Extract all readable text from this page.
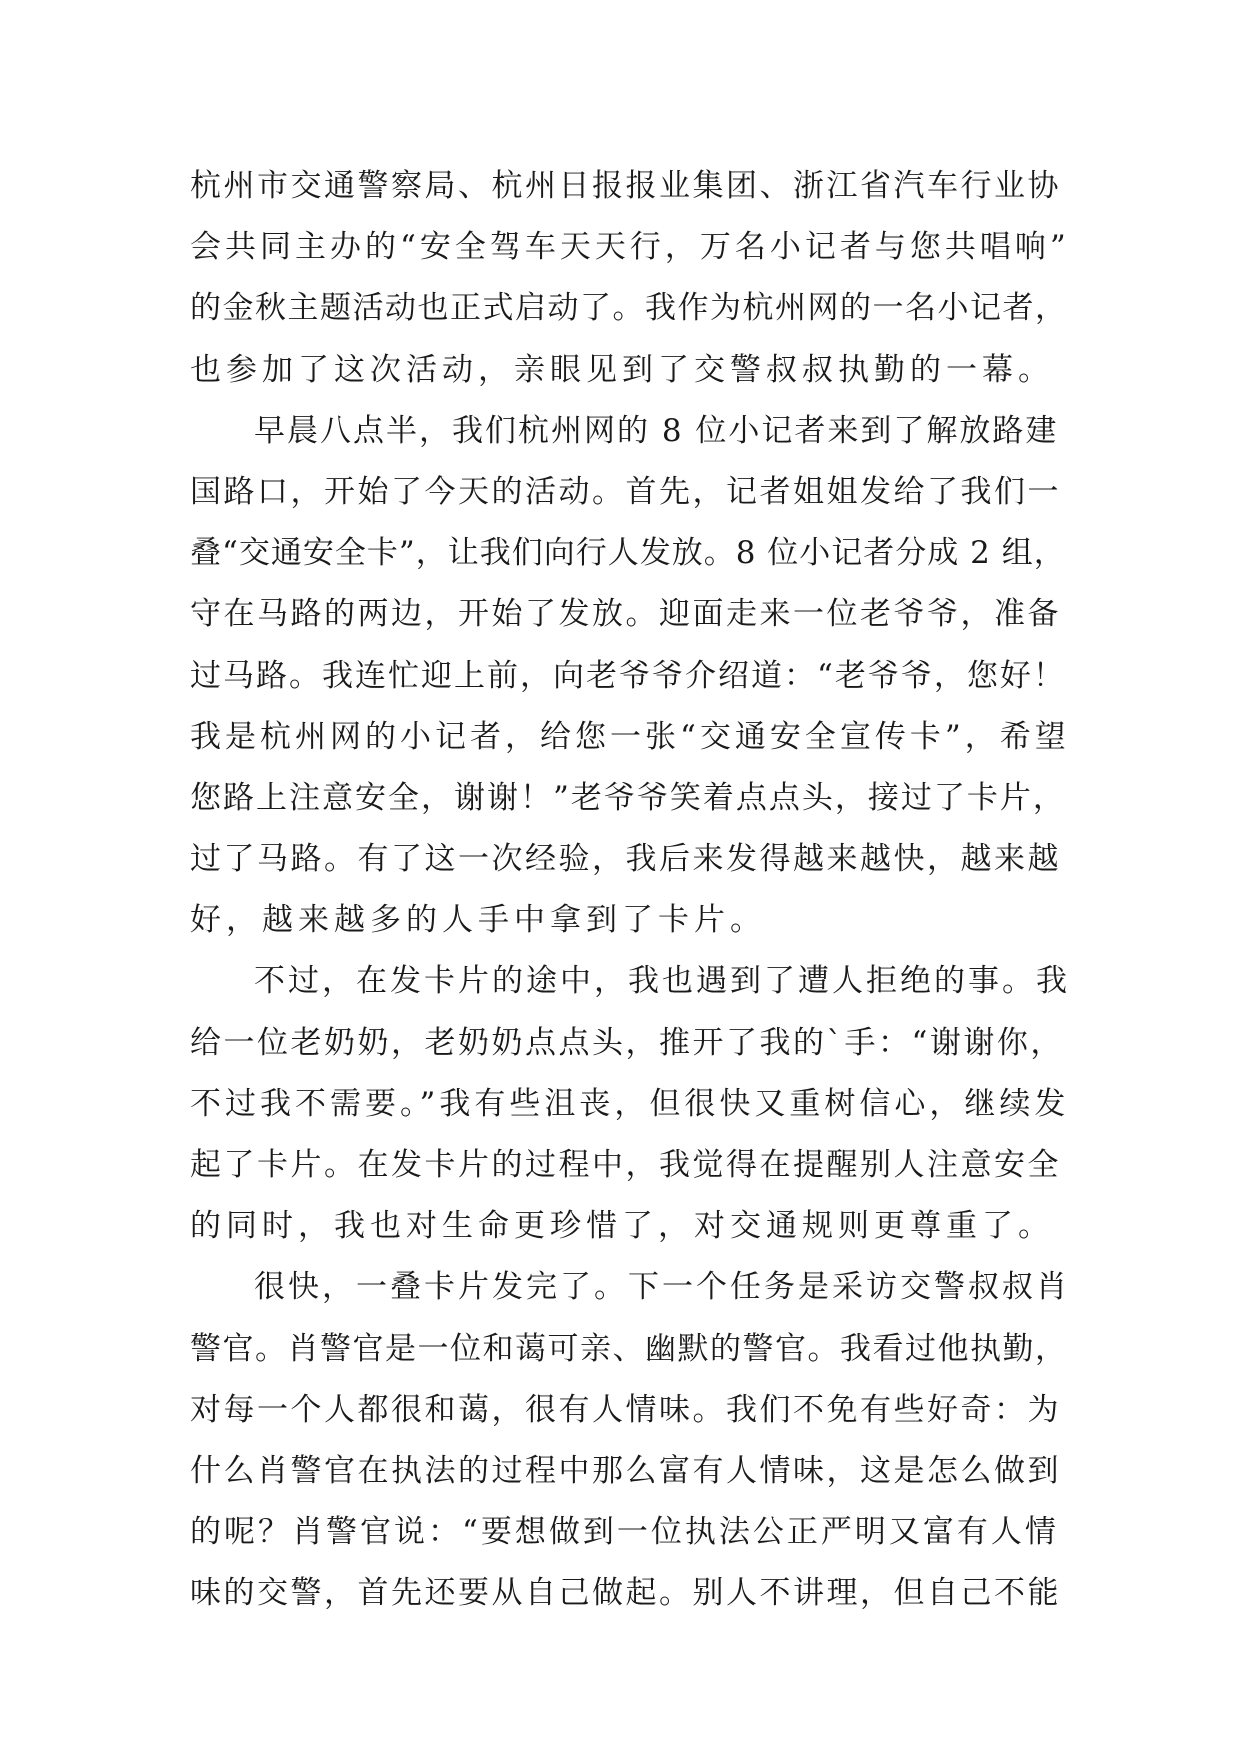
杭州市交通警察局、杭州日报报业集团、浙江省汽车行业协
会共同主办的“安全驾车天天行，万名小记者与您共唱响”
的金秋主题活动也正式启动了。我作为杭州网的一名小记者，
也参加了这次活动，亲眼见到了交警叔叔执勤的一幕。
早晨八点半，我们杭州网的 8 位小记者来到了解放路建
国路口，开始了今天的活动。首先，记者姐姐发给了我们一
叠“交通安全卡”，让我们向行人发放。8 位小记者分成 2 组，
守在马路的两边，开始了发放。迎面走来一位老爷爷，准备
过马路。我连忙迎上前，向老爷爷介绍道：“老爷爷，您好！
我是杭州网的小记者，给您一张“交通安全宣传卡”，希望
您路上注意安全，谢谢！”老爷爷笑着点点头，接过了卡片，
过了马路。有了这一次经验，我后来发得越来越快，越来越
好，越来越多的人手中拿到了卡片。
不过，在发卡片的途中，我也遇到了遭人拒绝的事。我
给一位老奶奶，老奶奶点点头，推开了我的`手：“谢谢你，
不过我不需要。”我有些沮丧，但很快又重树信心，继续发
起了卡片。在发卡片的过程中，我觉得在提醒别人注意安全
的同时，我也对生命更珍惜了，对交通规则更尊重了。
很快，一叠卡片发完了。下一个任务是采访交警叔叔肖
警官。肖警官是一位和蔼可亲、幽默的警官。我看过他执勤，
对每一个人都很和蔼，很有人情味。我们不免有些好奇：为
什么肖警官在执法的过程中那么富有人情味，这是怎么做到
的呢？肖警官说：“要想做到一位执法公正严明又富有人情
味的交警，首先还要从自己做起。别人不讲理，但自己不能
